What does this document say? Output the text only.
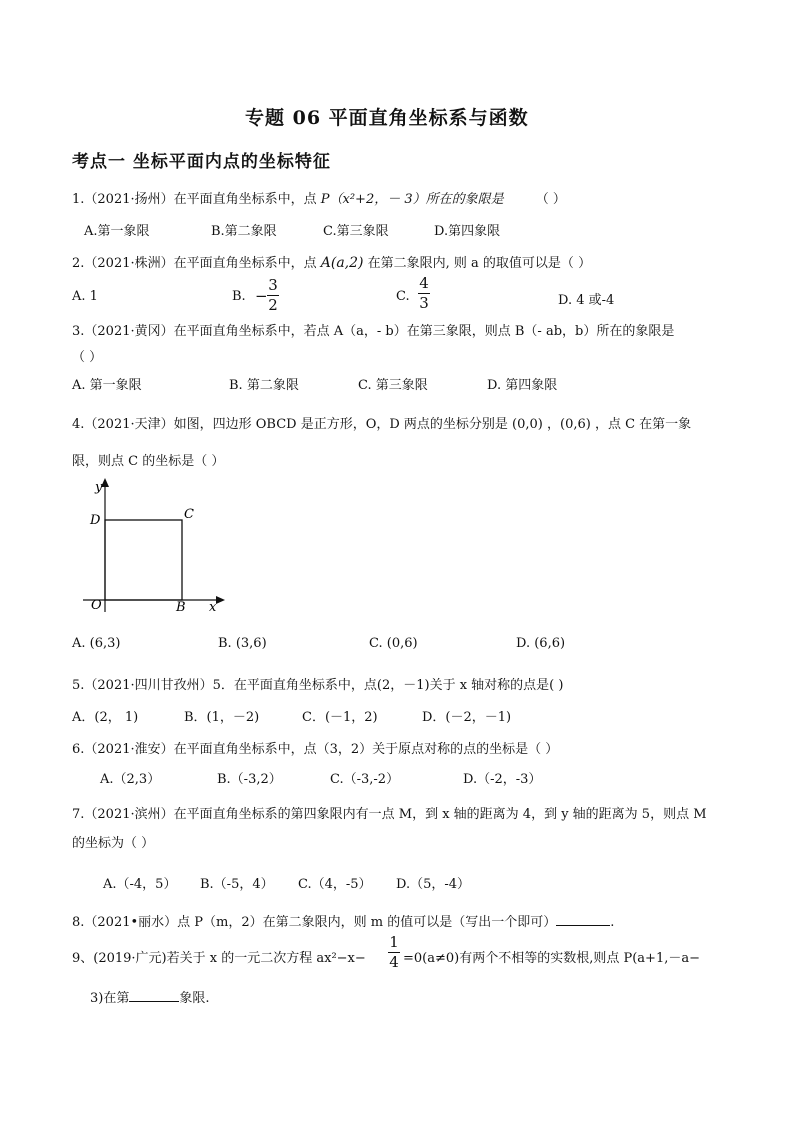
专题 06 平面直角坐标系与函数
考点一 坐标平面内点的坐标特征
1.（2021·扬州）在平面直角坐标系中，点 P（x²+2，－ 3）所在的象限是 （ ）
A.第一象限	B.第二象限	C.第三象限	D.第四象限
2.（2021·株洲）在平面直角坐标系中，点 A(a,2) 在第二象限内, 则 a 的取值可以是（ ）
A. 1	B. −
3
2	C.
4
3	D. 4 或-4
3.（2021·黄冈）在平面直角坐标系中，若点 A（a，- b）在第三象限，则点 B（- ab，b）所在的象限是
（ ）
A. 第一象限	B. 第二象限	C. 第三象限	D. 第四象限
4.（2021·天津）如图，四边形 OBCD 是正方形，O，D 两点的坐标分别是 (0,0) ，(0,6) ，点 C 在第一象
限，则点 C 的坐标是（ ）
y
x
D	C
O	B
A. (6,3)	B. (3,6)	C. (0,6)	D. (6,6)
5.（2021·四川甘孜州）5．在平面直角坐标系中，点(2，－1)关于 x 轴对称的点是( )
A．(2， 1)	B．(1，－2)	C．(－1，2)	D．(－2，－1)
6.（2021·淮安）在平面直角坐标系中，点（3，2）关于原点对称的点的坐标是（ ）
A.（2,3）	B.（-3,2）	C.（-3,-2）	D.（-2，-3）
7.（2021·滨州）在平面直角坐标系的第四象限内有一点 M，到 x 轴的距离为 4，到 y 轴的距离为 5，则点 M
的坐标为（ ）
A.（-4，5） B.（-5，4） C.（4，-5） D.（5，-4）
8.（2021•丽水）点 P（m，2）在第二象限内，则 m 的值可以是（写出一个即可）	.
9、(2019·广元)若关于 x 的一元二次方程 ax²−x−
1
4 =0(a≠0)有两个不相等的实数根,则点 P(a+1,－a−
3)在第	象限.
